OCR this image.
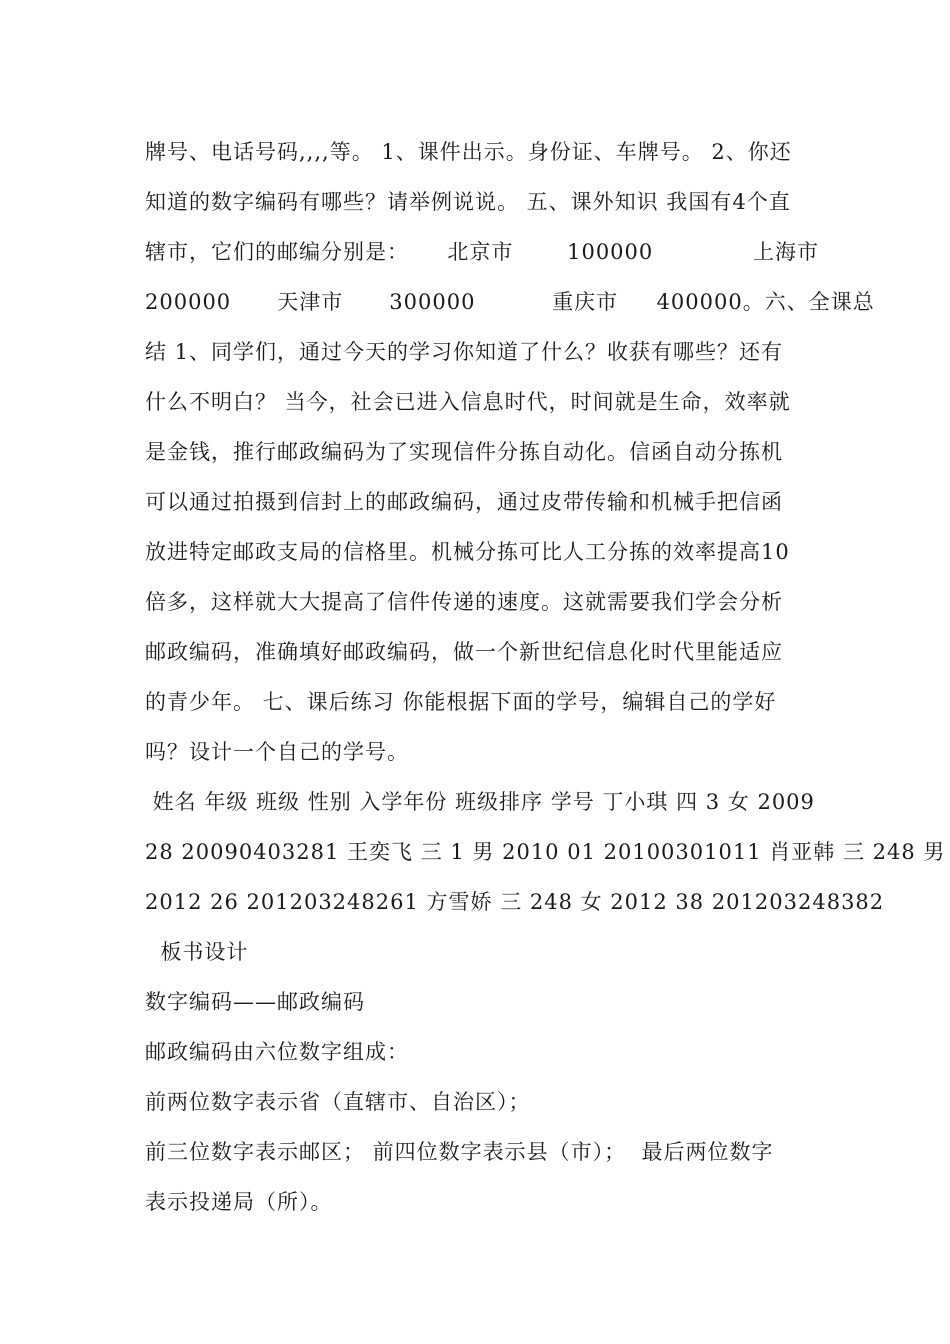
牌号、电话号码,,,,等。 1、课件出示。身份证、车牌号。 2、你还
知道的数字编码有哪些？请举例说说。 五、课外知识 我国有4个直
辖市，它们的邮编分别是：     北京市       100000             上海市
200000      天津市      300000          重庆市     400000。六、全课总
结 1、同学们，通过今天的学习你知道了什么？收获有哪些？还有
什么不明白？ 当今，社会已进入信息时代，时间就是生命，效率就
是金钱，推行邮政编码为了实现信件分拣自动化。信函自动分拣机
可以通过拍摄到信封上的邮政编码，通过皮带传输和机械手把信函
放进特定邮政支局的信格里。机械分拣可比人工分拣的效率提高10
倍多，这样就大大提高了信件传递的速度。这就需要我们学会分析
邮政编码，准确填好邮政编码，做一个新世纪信息化时代里能适应
的青少年。 七、课后练习 你能根据下面的学号，编辑自己的学好
吗？设计一个自己的学号。
姓名 年级 班级 性别 入学年份 班级排序 学号 丁小琪 四 3 女 2009
28 20090403281 王奕飞 三 1 男 2010 01 20100301011 肖亚韩 三 248 男
2012 26 201203248261 方雪娇 三 248 女 2012 38 201203248382
板书设计
数字编码——邮政编码
邮政编码由六位数字组成：
前两位数字表示省（直辖市、自治区）；
前三位数字表示邮区； 前四位数字表示县（市）；  最后两位数字
表示投递局（所）。
